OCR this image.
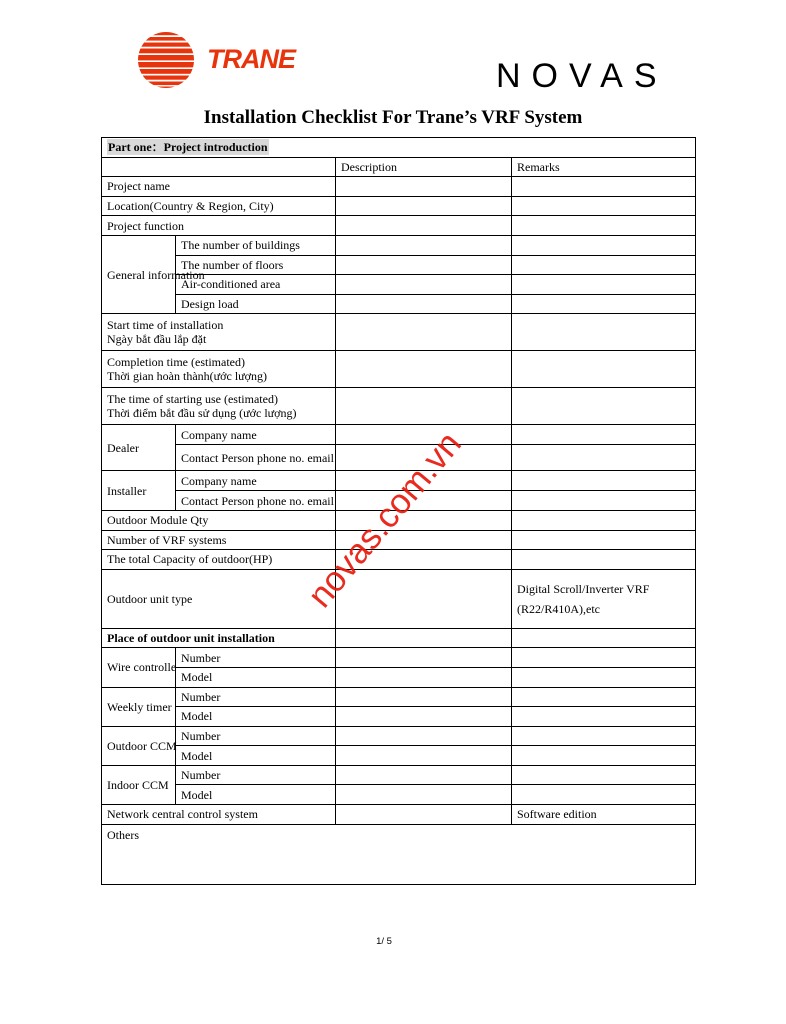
TRANE	NOVAS
Installation Checklist For Trane’s VRF System
Part one：Project introduction			
		Description	Remarks
Project name			
Location(Country & Region, City)			
Project function			
General information	The number of buildings		
	The number of floors		
	Air-conditioned area		
	Design load		

Start time of installation
Ngày bắt đầu lắp đặt			

Completion time (estimated)
Thời gian hoàn thành(ước lượng)			

The time of starting use (estimated)
Thời điểm bắt đầu sử dụng (ước lượng)			

Dealer	Company name		
	Contact Person phone no. email		
Installer	Company name		
	Contact Person phone no. email		
Outdoor Module Qty			
Number of VRF systems			
The total Capacity of outdoor(HP)			
Outdoor unit type			Digital Scroll/Inverter VRF
(R22/R410A),etc

Place of outdoor unit installation			
Wire controlle	Number		
	Model		
Weekly timer	Number		
	Model		
Outdoor CCM	Number		
	Model		
Indoor CCM	Number		
	Model		
Network central control system			Software edition
Others			
novas.com.vn
1/ 5
